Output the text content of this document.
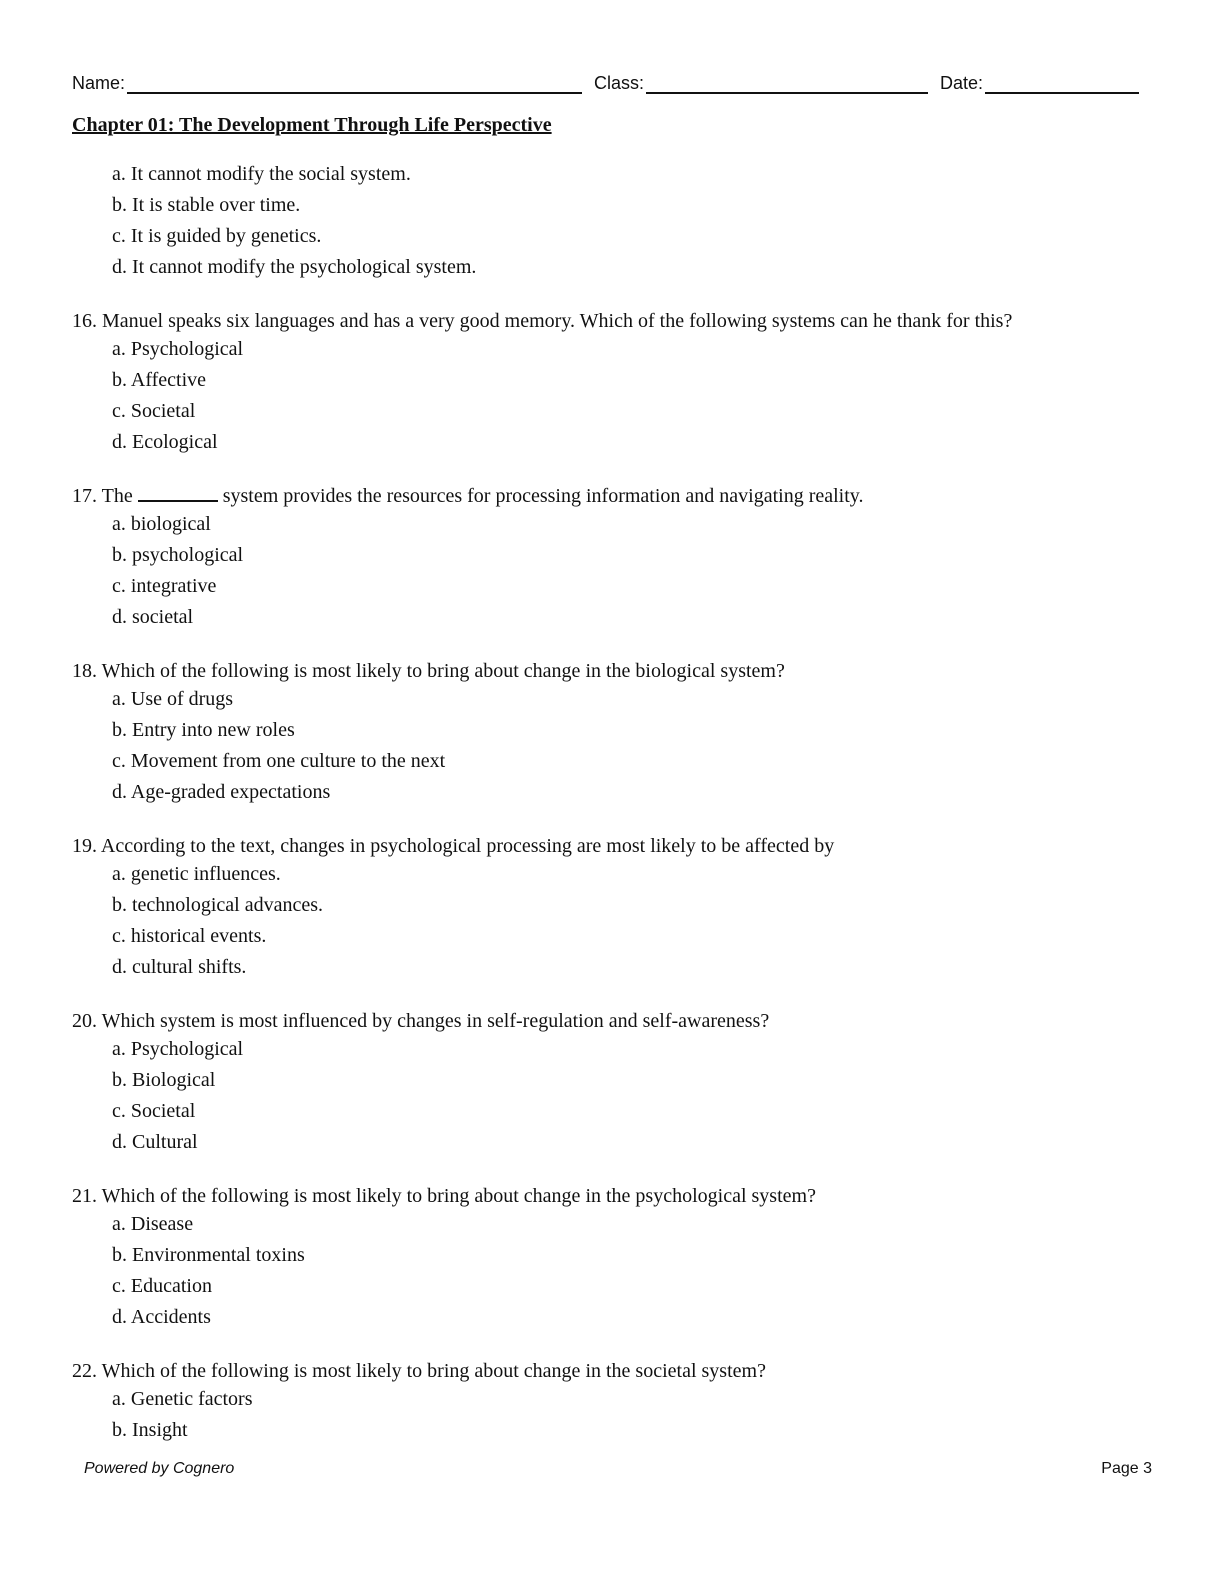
Name:	Class:	Date:
Chapter 01: The Development Through Life Perspective
a. It cannot modify the social system.
b. It is stable over time.
c. It is guided by genetics.
d. It cannot modify the psychological system.
16. Manuel speaks six languages and has a very good memory. Which of the following systems can he thank for this?
a. Psychological
b. Affective
c. Societal
d. Ecological
17. The	system provides the resources for processing information and navigating reality.
a. biological
b. psychological
c. integrative
d. societal
18. Which of the following is most likely to bring about change in the biological system?
a. Use of drugs
b. Entry into new roles
c. Movement from one culture to the next
d. Age-graded expectations
19. According to the text, changes in psychological processing are most likely to be affected by
a. genetic influences.
b. technological advances.
c. historical events.
d. cultural shifts.
20. Which system is most influenced by changes in self-regulation and self-awareness?
a. Psychological
b. Biological
c. Societal
d. Cultural
21. Which of the following is most likely to bring about change in the psychological system?
a. Disease
b. Environmental toxins
c. Education
d. Accidents
22. Which of the following is most likely to bring about change in the societal system?
a. Genetic factors
b. Insight
Powered by Cognero	Page 3
